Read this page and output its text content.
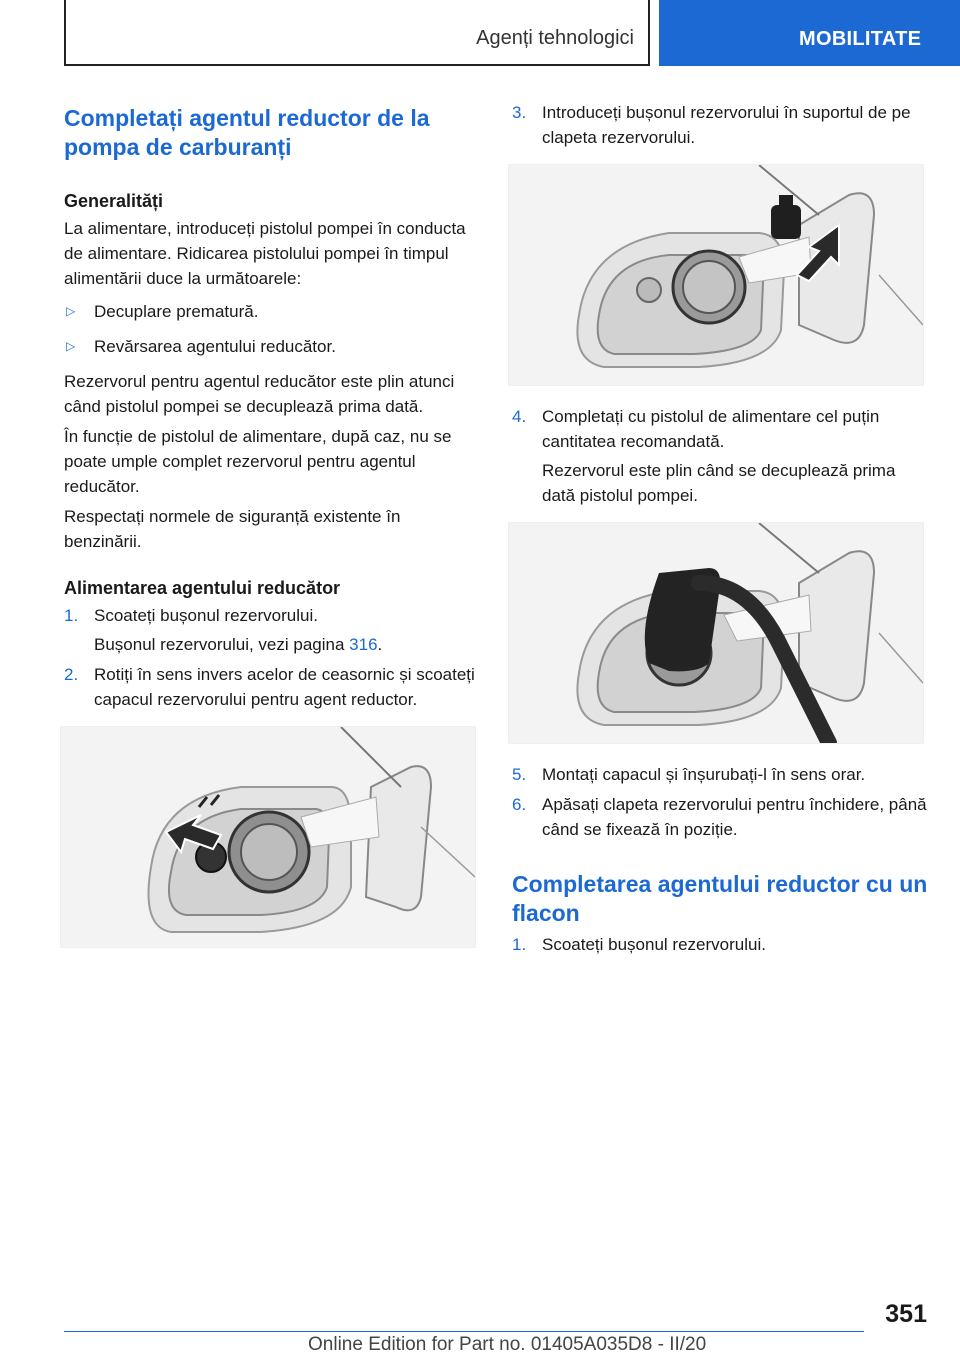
Agenți tehnologici	MOBILITATE
Completați agentul reductor de la pompa de carburanți
Generalități

La alimentare, introduceți pistolul pompei în conducta de alimentare. Ridicarea pistolului pompei în timpul alimentării duce la următoarele:

▷ Decuplare prematură.
▷ Revărsarea agentului reducător.

Rezervorul pentru agentul reducător este plin atunci când pistolul pompei se decuplează prima dată.

În funcție de pistolul de alimentare, după caz, nu se poate umple complet rezervorul pentru agentul reducător.

Respectați normele de siguranță existente în benzinării.

Alimentarea agentului reducător
1. Scoateți bușonul rezervorului.

Bușonul rezervorului, vezi pagina 316.

2. Rotiți în sens invers acelor de ceasornic și scoateți capacul rezervorului pentru agent reductor.

3. Introduceți bușonul rezervorului în suportul de pe clapeta rezervorului.

4. Completați cu pistolul de alimentare cel puțin cantitatea recomandată.

Rezervorul este plin când se decuplează prima dată pistolul pompei.

5. Montați capacul și înșurubați-l în sens orar.

6. Apăsați clapeta rezervorului pentru închidere, până când se fixează în poziție.

Completarea agentului reductor cu un flacon
1. Scoateți bușonul rezervorului.

351
Online Edition for Part no. 01405A035D8 - II/20
